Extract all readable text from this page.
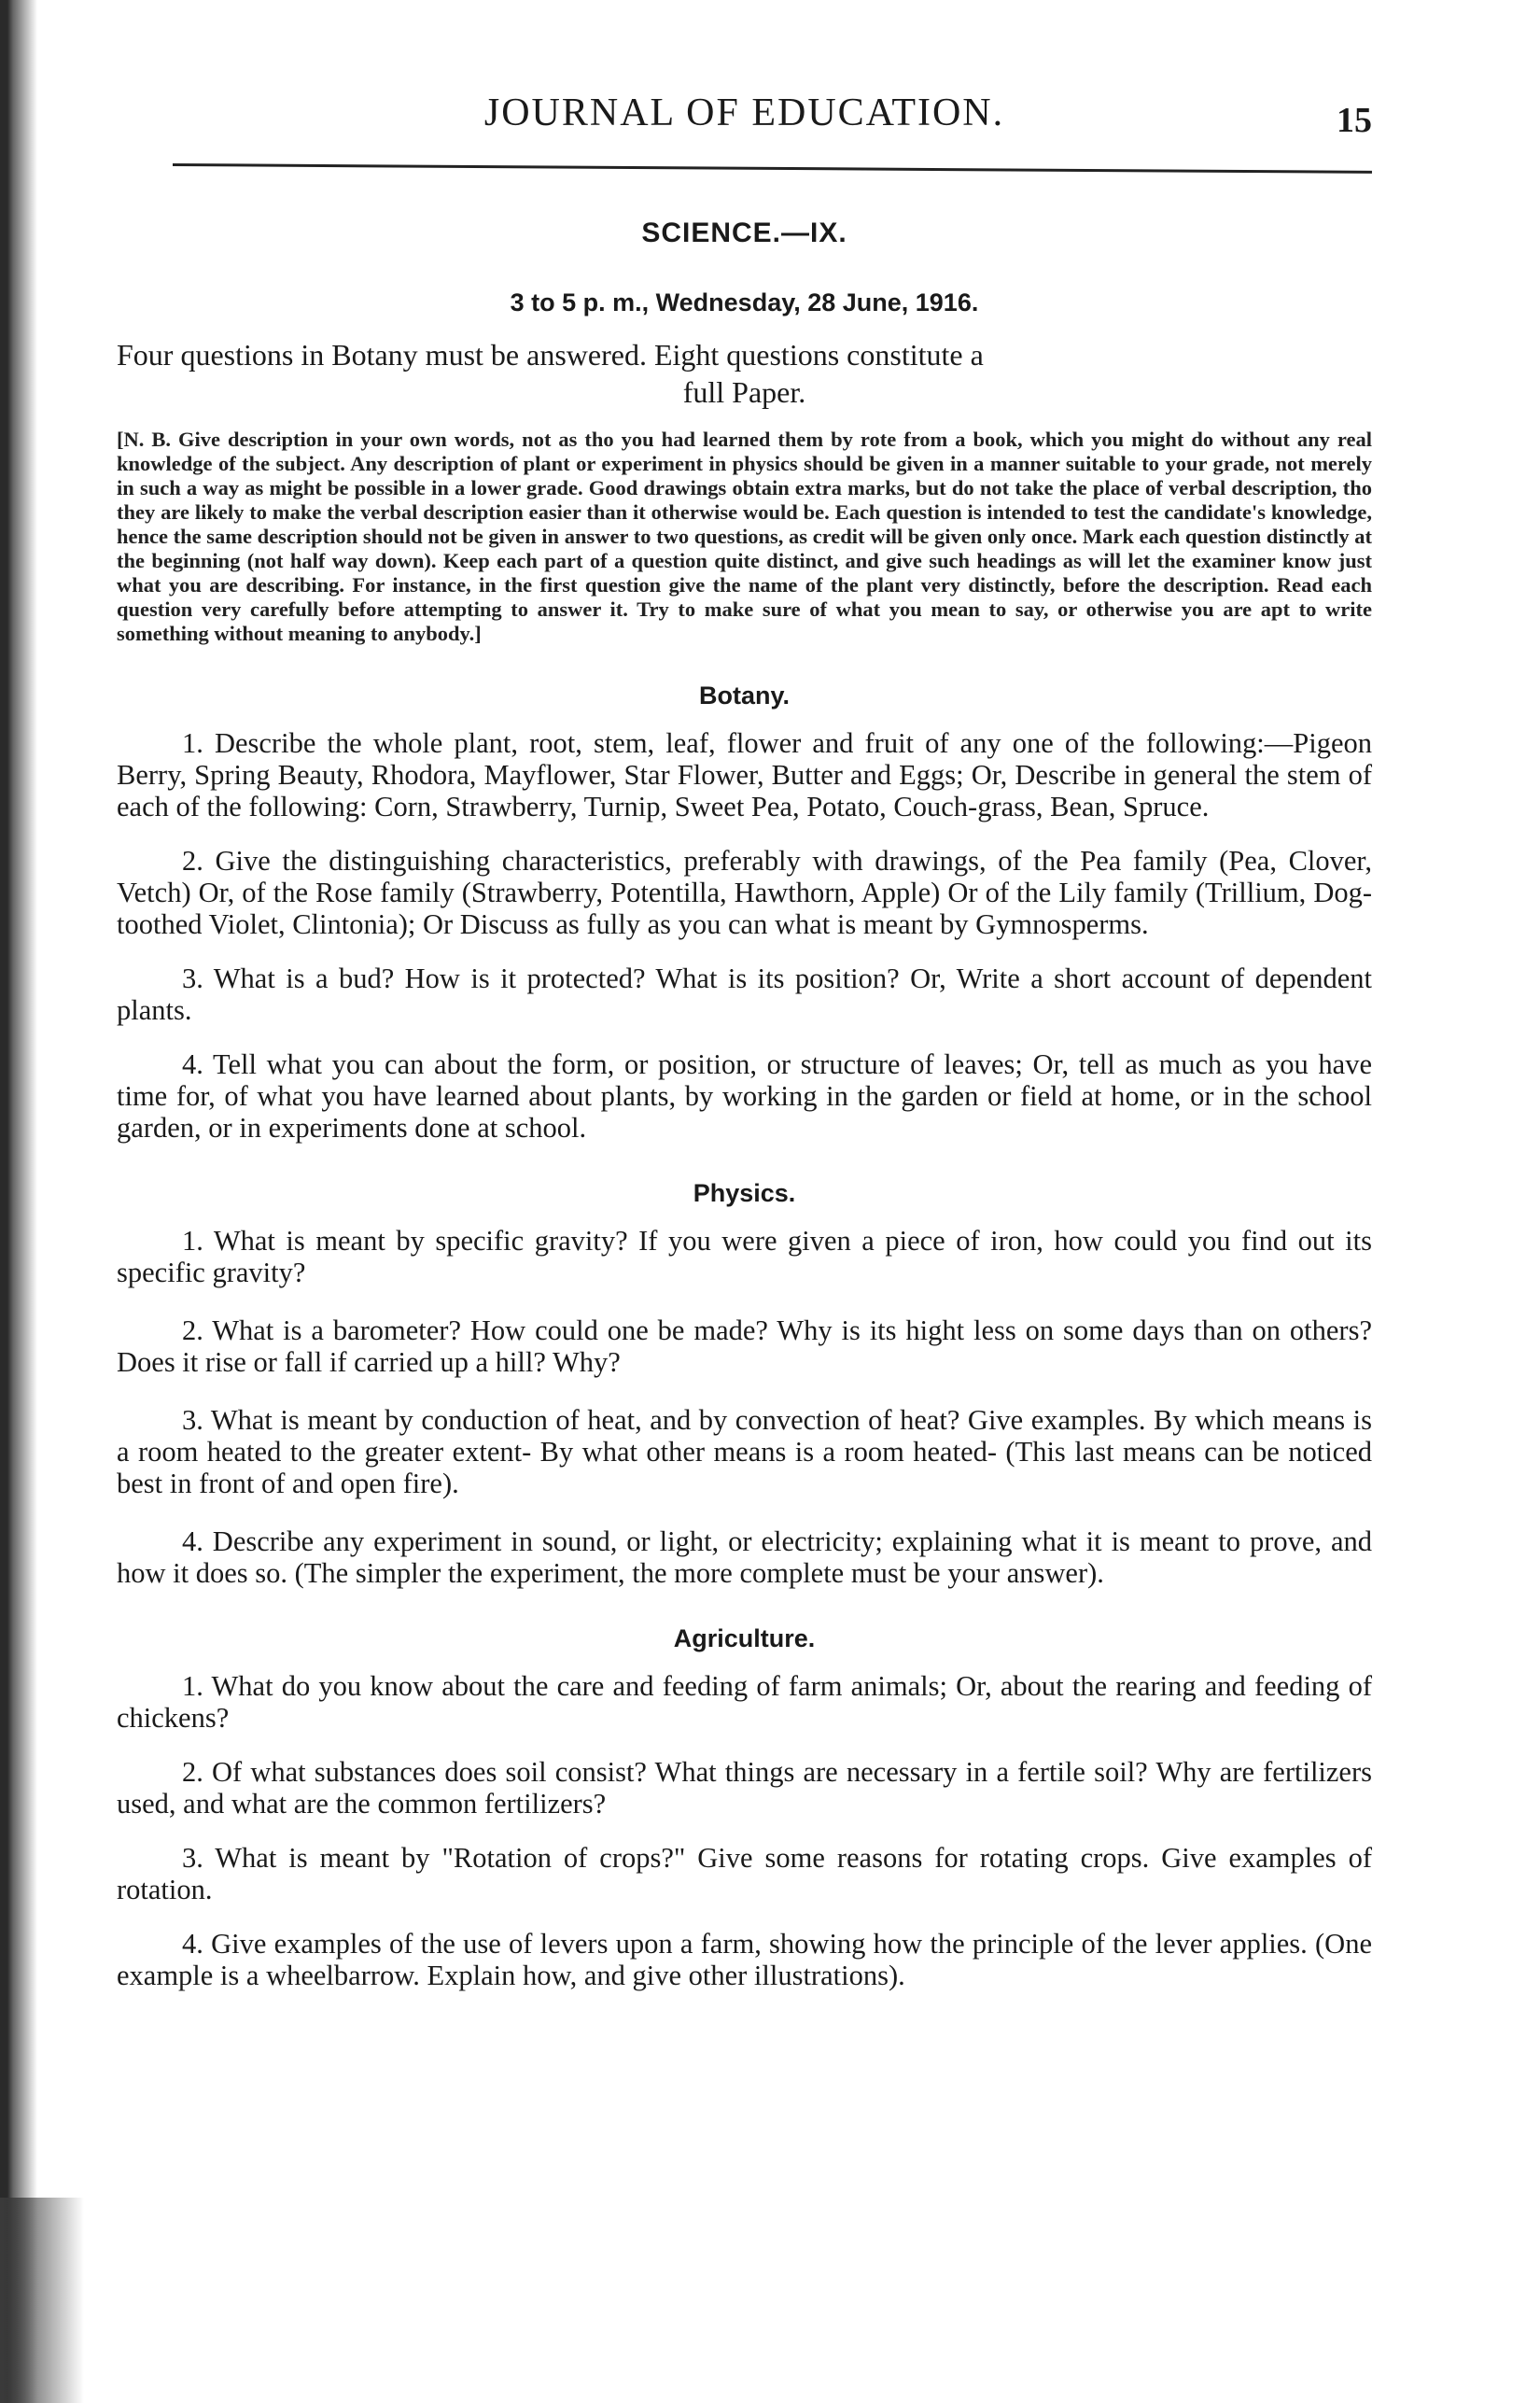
JOURNAL OF EDUCATION.	15
SCIENCE.—IX.
3 to 5 p. m., Wednesday, 28 June, 1916.
Four questions in Botany must be answered. Eight questions constitute a
full Paper.
[N. B. Give description in your own words, not as tho you had learned them by rote from a book, which you might do without any real knowledge of the subject. Any description of plant or experiment in physics should be given in a manner suitable to your grade, not merely in such a way as might be possible in a lower grade. Good drawings obtain extra marks, but do not take the place of verbal description, tho they are likely to make the verbal description easier than it otherwise would be. Each question is intended to test the candidate's knowledge, hence the same description should not be given in answer to two questions, as credit will be given only once. Mark each question distinctly at the beginning (not half way down). Keep each part of a question quite distinct, and give such headings as will let the examiner know just what you are describing. For instance, in the first question give the name of the plant very distinctly, before the description. Read each question very carefully before attempting to answer it. Try to make sure of what you mean to say, or otherwise you are apt to write something without meaning to anybody.]
Botany.
1. Describe the whole plant, root, stem, leaf, flower and fruit of any one of the following:—Pigeon Berry, Spring Beauty, Rhodora, Mayflower, Star Flower, Butter and Eggs; Or, Describe in general the stem of each of the following: Corn, Strawberry, Turnip, Sweet Pea, Potato, Couch-grass, Bean, Spruce.
2. Give the distinguishing characteristics, preferably with drawings, of the Pea family (Pea, Clover, Vetch) Or, of the Rose family (Strawberry, Potentilla, Hawthorn, Apple) Or of the Lily family (Trillium, Dog-toothed Violet, Clintonia); Or Discuss as fully as you can what is meant by Gymnosperms.
3. What is a bud? How is it protected? What is its position? Or, Write a short account of dependent plants.
4. Tell what you can about the form, or position, or structure of leaves; Or, tell as much as you have time for, of what you have learned about plants, by working in the garden or field at home, or in the school garden, or in experiments done at school.
Physics.
1. What is meant by specific gravity? If you were given a piece of iron, how could you find out its specific gravity?
2. What is a barometer? How could one be made? Why is its hight less on some days than on others? Does it rise or fall if carried up a hill? Why?
3. What is meant by conduction of heat, and by convection of heat? Give examples. By which means is a room heated to the greater extent- By what other means is a room heated- (This last means can be noticed best in front of and open fire).
4. Describe any experiment in sound, or light, or electricity; explaining what it is meant to prove, and how it does so. (The simpler the experiment, the more complete must be your answer).
Agriculture.
1. What do you know about the care and feeding of farm animals; Or, about the rearing and feeding of chickens?
2. Of what substances does soil consist? What things are necessary in a fertile soil? Why are fertilizers used, and what are the common fertilizers?
3. What is meant by "Rotation of crops?" Give some reasons for rotating crops. Give examples of rotation.
4. Give examples of the use of levers upon a farm, showing how the principle of the lever applies. (One example is a wheelbarrow. Explain how, and give other illustrations).
